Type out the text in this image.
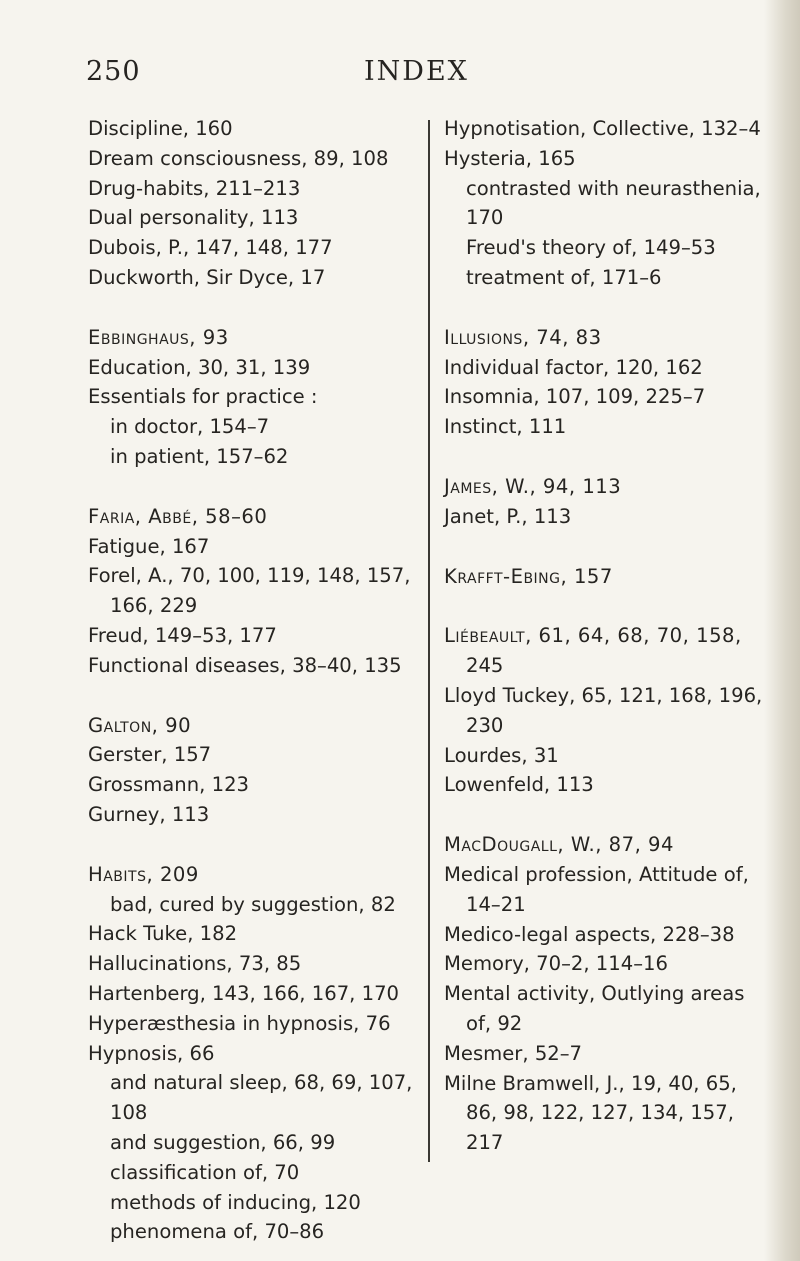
250	INDEX
Discipline, 160
Dream consciousness, 89, 108
Drug-habits, 211–213
Dual personality, 113
Dubois, P., 147, 148, 177
Duckworth, Sir Dyce, 17
Ebbinghaus, 93
Education, 30, 31, 139
Essentials for practice :
in doctor, 154–7
in patient, 157–62
Faria, Abbé, 58–60
Fatigue, 167
Forel, A., 70, 100, 119, 148, 157,
166, 229
Freud, 149–53, 177
Functional diseases, 38–40, 135
Galton, 90
Gerster, 157
Grossmann, 123
Gurney, 113
Habits, 209
bad, cured by suggestion, 82
Hack Tuke, 182
Hallucinations, 73, 85
Hartenberg, 143, 166, 167, 170
Hyperæsthesia in hypnosis, 76
Hypnosis, 66
and natural sleep, 68, 69, 107,
108
and suggestion, 66, 99
classification of, 70
methods of inducing, 120
phenomena of, 70–86
Hypnotisation, Collective, 132–4
Hysteria, 165
contrasted with neurasthenia,
170
Freud's theory of, 149–53
treatment of, 171–6
Illusions, 74, 83
Individual factor, 120, 162
Insomnia, 107, 109, 225–7
Instinct, 111
James, W., 94, 113
Janet, P., 113
Krafft-Ebing, 157
Liébeault, 61, 64, 68, 70, 158,
245
Lloyd Tuckey, 65, 121, 168, 196,
230
Lourdes, 31
Lowenfeld, 113
MacDougall, W., 87, 94
Medical profession, Attitude of,
14–21
Medico-legal aspects, 228–38
Memory, 70–2, 114–16
Mental activity, Outlying areas
of, 92
Mesmer, 52–7
Milne Bramwell, J., 19, 40, 65,
86, 98, 122, 127, 134, 157,
217
